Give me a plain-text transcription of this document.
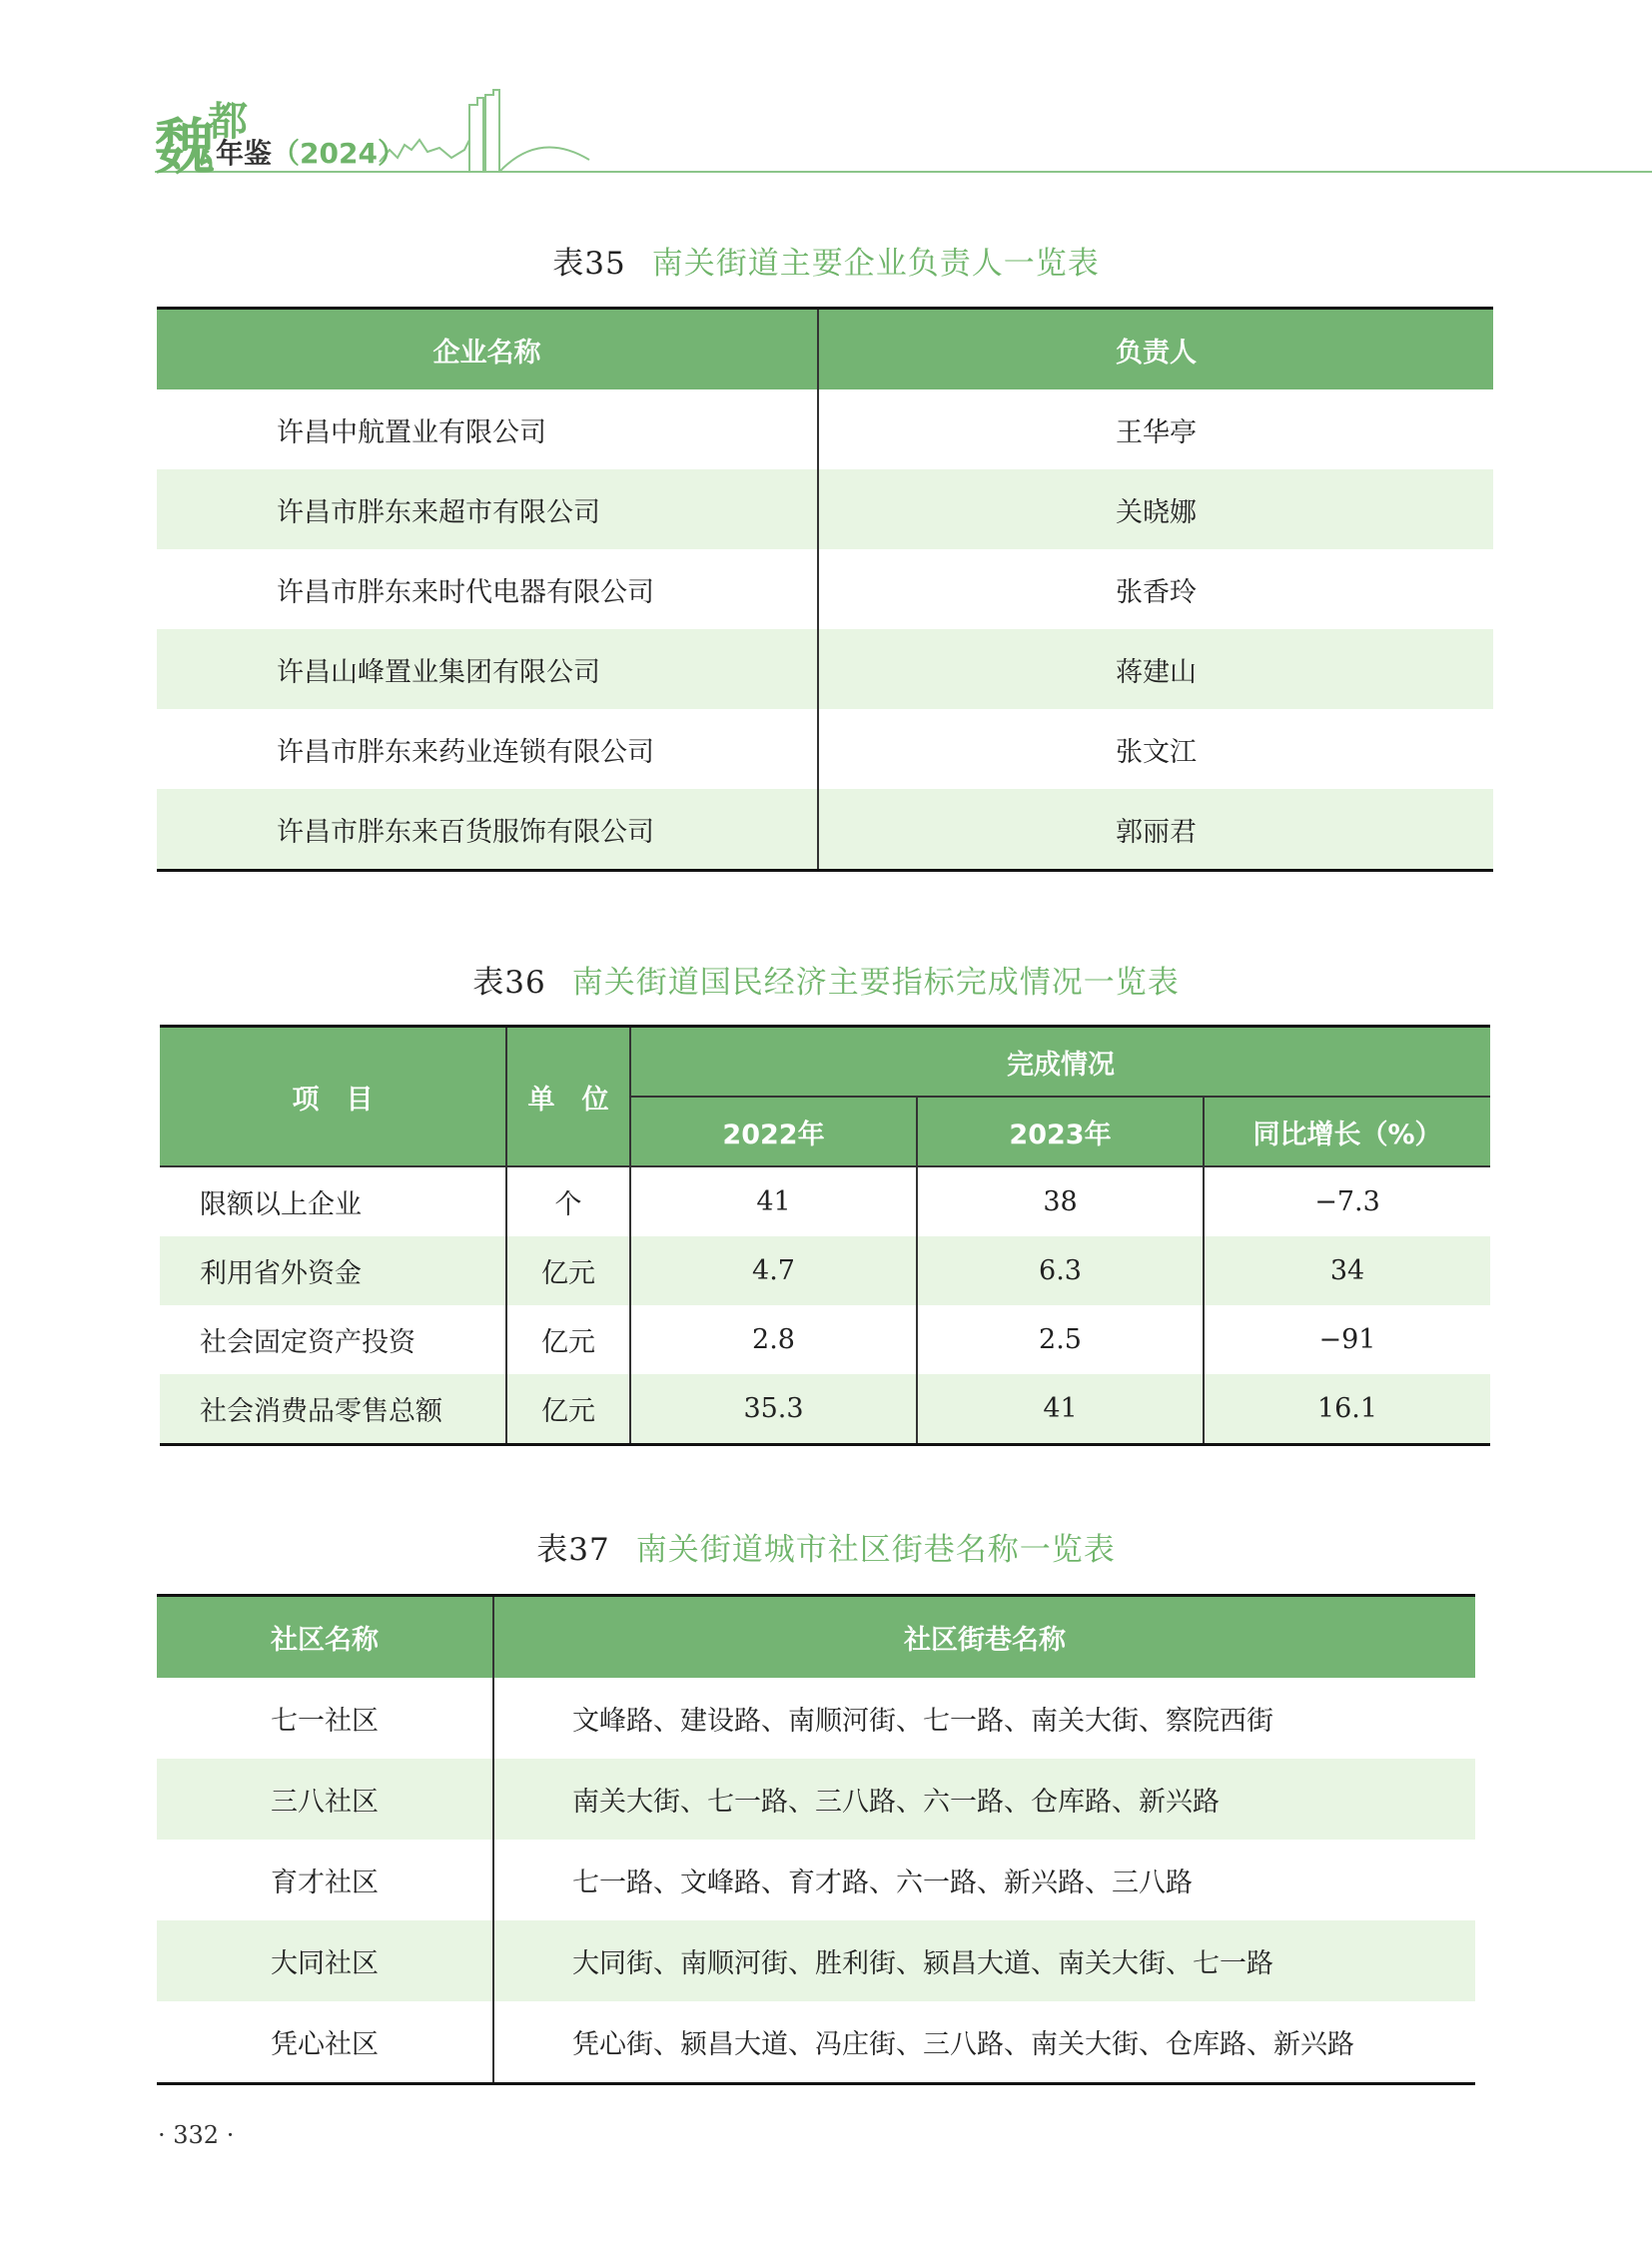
魏
都
年鉴（2024）
表35 南关街道主要企业负责人一览表
企业名称	负责人
许昌中航置业有限公司	王华亭
许昌市胖东来超市有限公司	关晓娜
许昌市胖东来时代电器有限公司	张香玲
许昌山峰置业集团有限公司	蒋建山
许昌市胖东来药业连锁有限公司	张文江
许昌市胖东来百货服饰有限公司	郭丽君
表36 南关街道国民经济主要指标完成情况一览表
项　目	单　位	完成情况		
		2022年	2023年	同比增长（%）
限额以上企业	个	41	38	−7.3
利用省外资金	亿元	4.7	6.3	34
社会固定资产投资	亿元	2.8	2.5	−91
社会消费品零售总额	亿元	35.3	41	16.1
表37 南关街道城市社区街巷名称一览表
社区名称	社区街巷名称
七一社区	文峰路、建设路、南顺河街、七一路、南关大街、察院西街
三八社区	南关大街、七一路、三八路、六一路、仓库路、新兴路
育才社区	七一路、文峰路、育才路、六一路、新兴路、三八路
大同社区	大同街、南顺河街、胜利街、颍昌大道、南关大街、七一路
凭心社区	凭心街、颍昌大道、冯庄街、三八路、南关大街、仓库路、新兴路
· 332 ·
